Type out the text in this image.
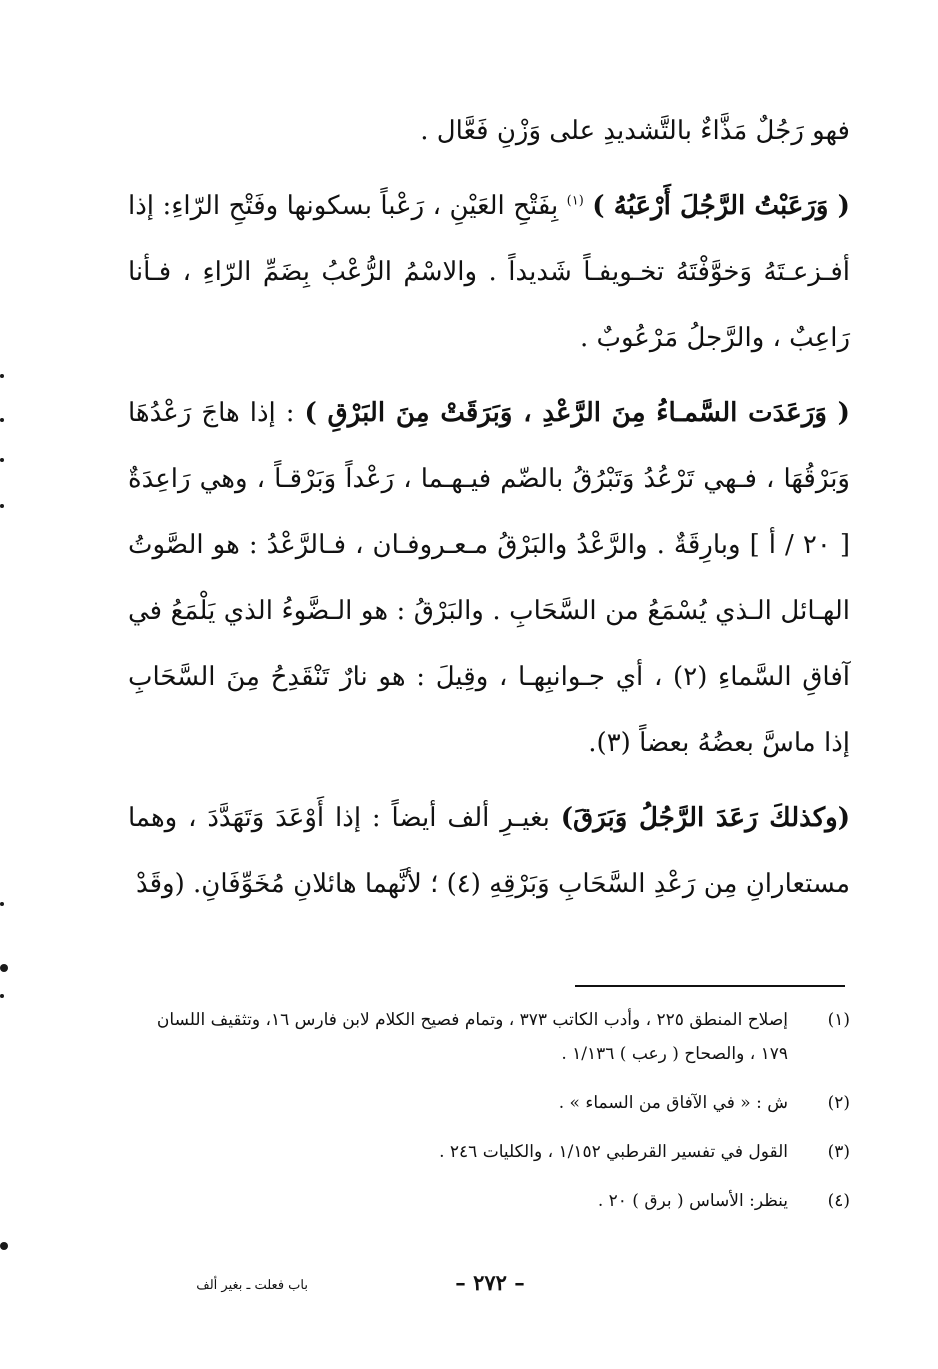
فهو رَجُلٌ مَذَّاءٌ بالتَّشديدِ على وَزْنِ فَعَّال .

( وَرَعَبْتُ الرَّجُلَ أَرْعَبُهُ ) $^{(١)}$ بِفَتْحِ العَيْنِ ، رَعْباً بسكونها وفَتْحِ الرّاءِ: إذا أفـزعـتَهُ وَخوَّفْتَهُ تخـويفـاً شَديداً . والاسْمُ الرُّعْبُ بِضَمِّ الرّاءِ ، فـأنا رَاعِبٌ ، والرَّجلُ مَرْعُوبٌ .

( وَرَعَدَت السَّمـاءُ مِنَ الرَّعْدِ ، وَبَرَقَتْ مِنَ البَرْقِ ) : إذا هاجَ رَعْدُهَا وَبَرْقُهَا ، فـهي تَرْعُدُ وَتَبْرُقُ بالضّم فيـهـما ، رَعْداً وَبَرْقـاً ، وهي رَاعِدَةٌ [ ٢٠ / أ ] وبارِقَةٌ . والرَّعْدُ والبَرْقُ مـعـروفـان ، فـالرَّعْدُ : هو الصَّوتُ الهـائل الـذي يُسْمَعُ من السَّحَابِ . والبَرْقُ : هو الـضَّوءُ الذي يَلْمَعُ في آفاقِ السَّماءِ (٢) ، أي جـوانبِهـا ، وقِيلَ : هو نارٌ تَنْقَدِحُ مِنَ السَّحَابِ إذا ماسَّ بعضُهُ بعضاً (٣).

(وكذلكَ رَعَدَ الرَّجُلُ وَبَرَقَ) بغيـرِ ألف أيضاً : إذا أَوْعَدَ وَتَهَدَّدَ ، وهما مستعارانِ مِن رَعْدِ السَّحَابِ وَبَرْقِهِ (٤) ؛ لأنَّهما هائلانِ مُخَوِّفَانِ. (وقَدْ

(١)
إصلاح المنطق ٢٢٥ ، وأدب الكاتب ٣٧٣ ، وتمام فصيح الكلام لابن فارس ١٦، وتثقيف اللسان ١٧٩ ، والصحاح ( رعب ) ١/١٣٦ .
(٢)
ش : « في الآفاق من السماء » .
(٣)
القول في تفسير القرطبي ١/١٥٢ ، والكليات ٢٤٦ .
(٤)
ينظر: الأساس ( برق ) ٢٠ .
– ٢٧٢ –
باب فعلت ـ بغير ألف
